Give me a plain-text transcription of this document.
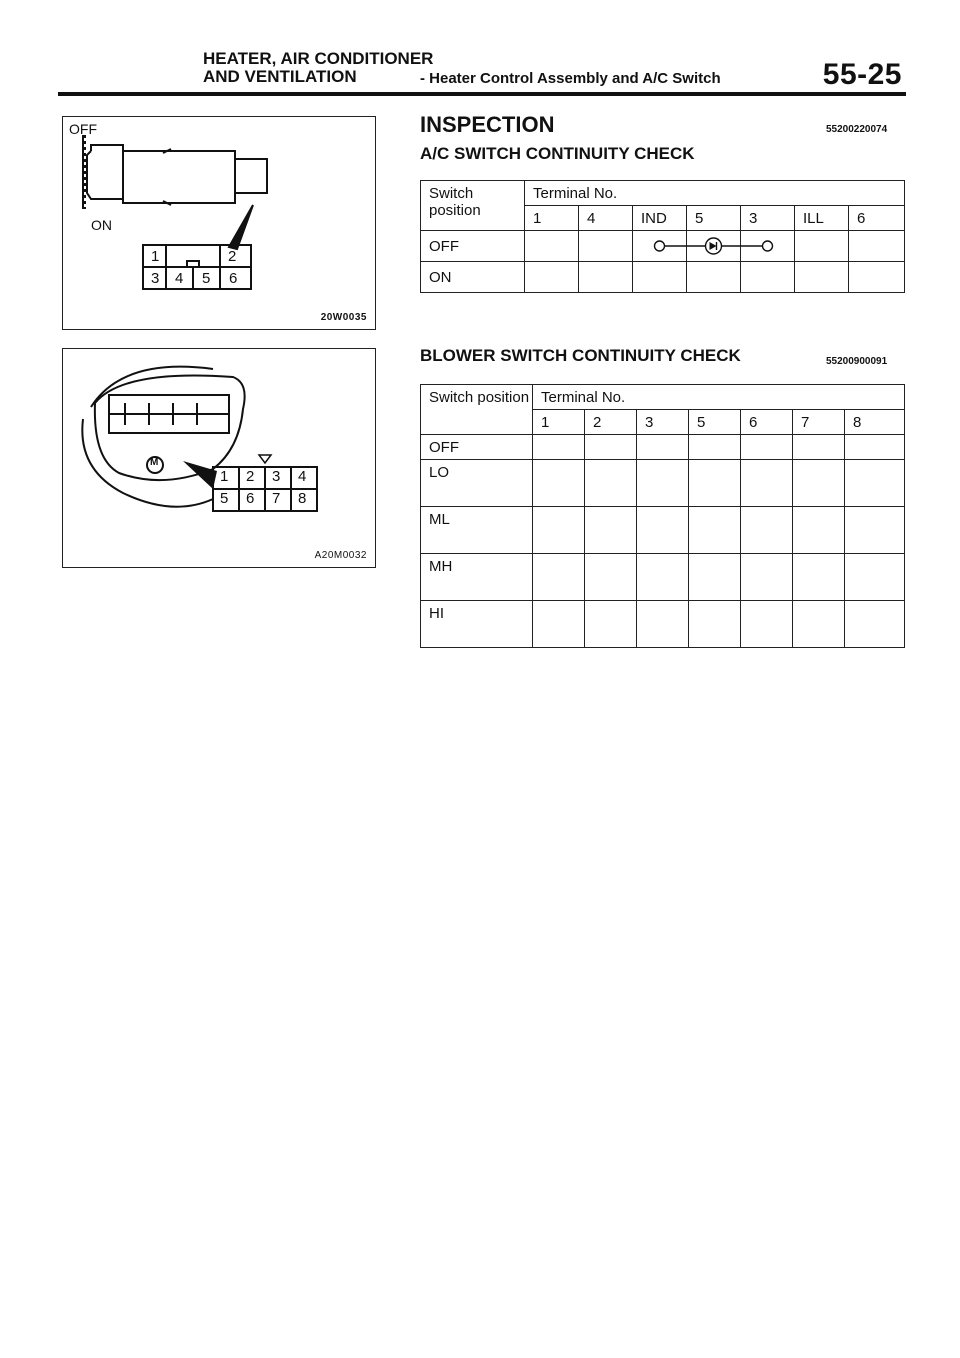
HEATER, AIR CONDITIONER
AND VENTILATION	- Heater Control Assembly and A/C Switch	55-25
OFF
ON
1	2
3 4 5 6
20W0035
M
1 2 3 4
5 6 7 8
A20M0032
INSPECTION	55200220074
A/C SWITCH CONTINUITY CHECK
Switch position	Terminal No.						
	1	4	IND	5	3	ILL	6
OFF							
ON							
BLOWER SWITCH CONTINUITY CHECK	55200900091
Switch position	Terminal No.						
	1	2	3	5	6	7	8
OFF							
LO							
ML							
MH							
HI							
